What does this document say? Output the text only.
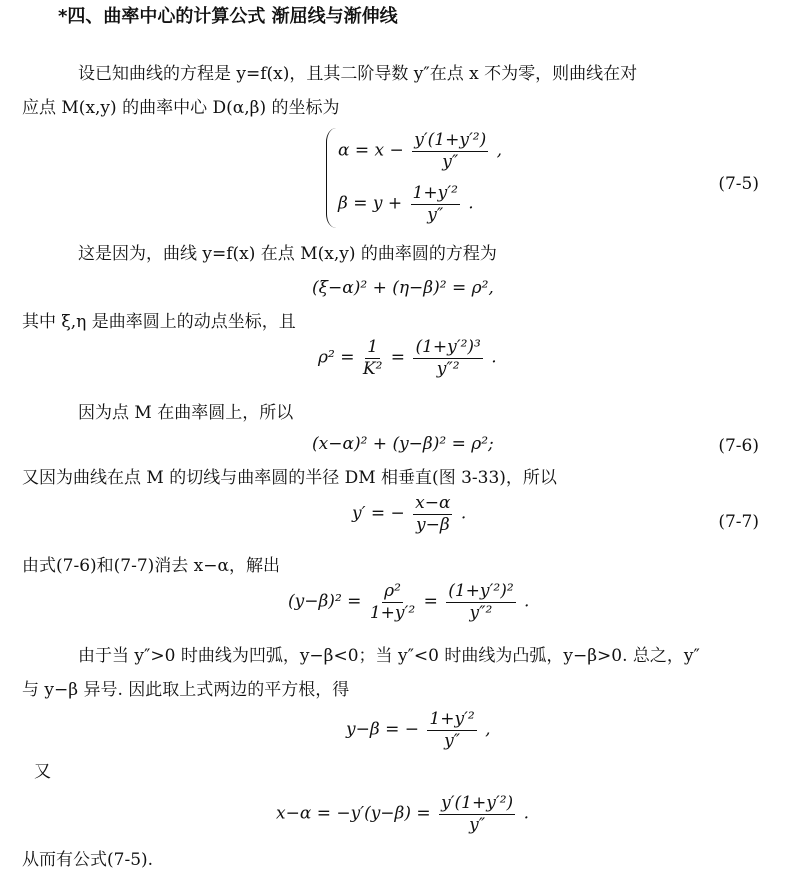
*四、曲率中心的计算公式 渐屈线与渐伸线
设已知曲线的方程是 y=f(x)，且其二阶导数 y″在点 x 不为零，则曲线在对
应点 M(x,y) 的曲率中心 D(α,β) 的坐标为
$\alpha = x - \frac{\text{y′(1+y′²)}}{y''}$ ,
$\beta = y + \frac{\text{1+y′²}}{y''}$ .
(7-5)
这是因为，曲线 y=f(x) 在点 M(x,y) 的曲率圆的方程为
(ξ−α)² + (η−β)² = ρ²,
其中 ξ,η 是曲率圆上的动点坐标，且
$\rho^2 = \frac{1}{\text{K²}} = \frac{\text{(1+y′²)³}}{\text{y″²}}$ .
因为点 M 在曲率圆上，所以
(x−α)² + (y−β)² = ρ²;	(7-6)
又因为曲线在点 M 的切线与曲率圆的半径 DM 相垂直(图 3-33)，所以
y′ = − $\frac{x-\alpha}{y-\beta}$ .	(7-7)
由式(7-6)和(7-7)消去 x−α，解出
$(y-\beta)^2 = \frac{\text{ρ²}}{\text{1+y′²}} = \frac{\text{(1+y′²)²}}{\text{y″²}}$ .
由于当 y″>0 时曲线为凹弧，y−β<0；当 y″<0 时曲线为凸弧，y−β>0. 总之，y″
与 y−β 异号. 因此取上式两边的平方根，得
y−β = − $\frac{\text{1+y′²}}{y''}$ ,
又
$x-\alpha = -y'(y-\beta) = \frac{\text{y′(1+y′²)}}{y''}$ .
从而有公式(7-5).
